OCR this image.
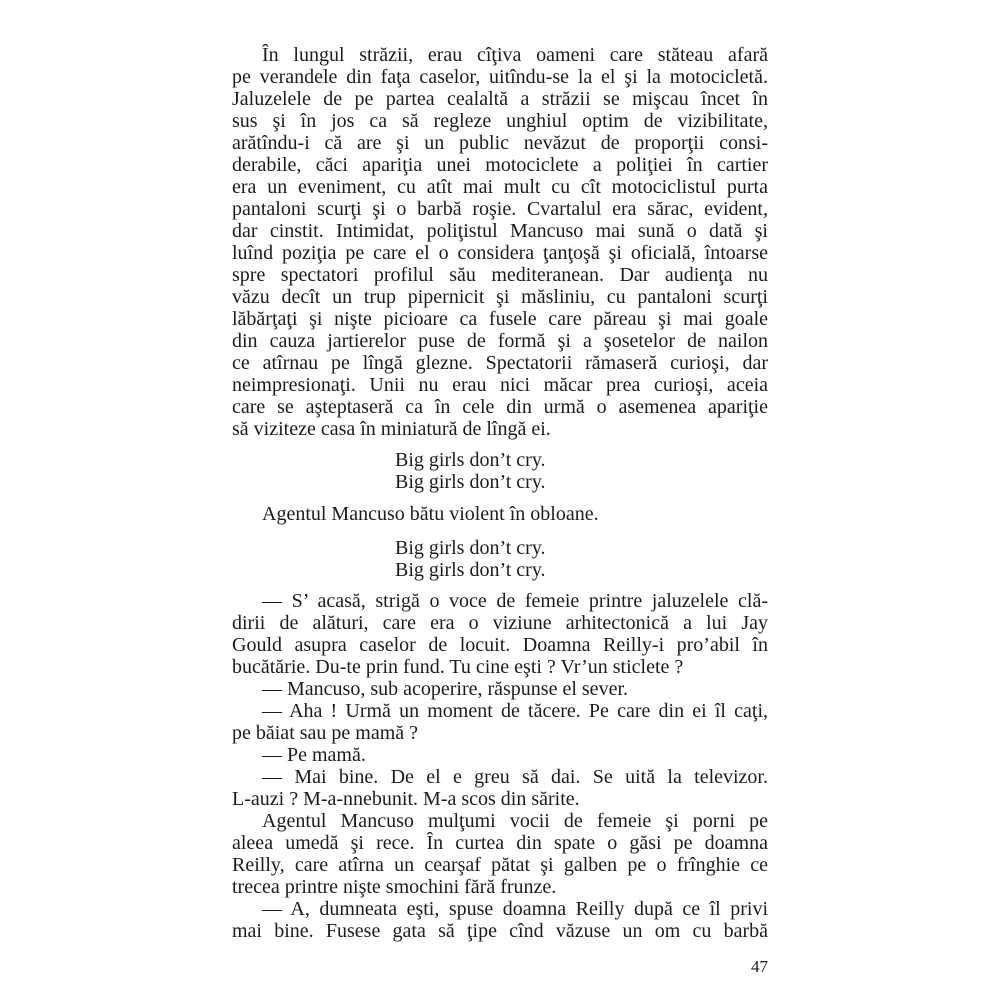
În lungul străzii, erau cîţiva oameni care stăteau afară
pe verandele din faţa caselor, uitîndu-se la el şi la motocicletă.
Jaluzelele de pe partea cealaltă a străzii se mişcau încet în
sus şi în jos ca să regleze unghiul optim de vizibilitate,
arătîndu-i că are şi un public nevăzut de proporţii consi-
derabile, căci apariţia unei motociclete a poliţiei în cartier
era un eveniment, cu atît mai mult cu cît motociclistul purta
pantaloni scurţi şi o barbă roşie. Cvartalul era sărac, evident,
dar cinstit. Intimidat, poliţistul Mancuso mai sună o dată şi
luînd poziţia pe care el o considera ţanţoşă şi oficială, întoarse
spre spectatori profilul său mediteranean. Dar audienţa nu
văzu decît un trup pipernicit şi măsliniu, cu pantaloni scurţi
lăbărţaţi şi nişte picioare ca fusele care păreau şi mai goale
din cauza jartierelor puse de formă şi a şosetelor de nailon
ce atîrnau pe lîngă glezne. Spectatorii rămaseră curioşi, dar
neimpresionaţi. Unii nu erau nici măcar prea curioşi, aceia
care se aşteptaseră ca în cele din urmă o asemenea apariţie
să viziteze casa în miniatură de lîngă ei.
Big girls don’t cry.
Big girls don’t cry.
Agentul Mancuso bătu violent în obloane.
Big girls don’t cry.
Big girls don’t cry.
— S’ acasă, strigă o voce de femeie printre jaluzelele clă-
dirii de alături, care era o viziune arhitectonică a lui Jay
Gould asupra caselor de locuit. Doamna Reilly-i pro’abil în
bucătărie. Du-te prin fund. Tu cine eşti ? Vr’un sticlete ?
— Mancuso, sub acoperire, răspunse el sever.
— Aha ! Urmă un moment de tăcere. Pe care din ei îl caţi,
pe băiat sau pe mamă ?
— Pe mamă.
— Mai bine. De el e greu să dai. Se uită la televizor.
L-auzi ? M-a-nnebunit. M-a scos din sărite.
Agentul Mancuso mulţumi vocii de femeie şi porni pe
aleea umedă şi rece. În curtea din spate o găsi pe doamna
Reilly, care atîrna un cearşaf pătat şi galben pe o frînghie ce
trecea printre nişte smochini fără frunze.
— A, dumneata eşti, spuse doamna Reilly după ce îl privi
mai bine. Fusese gata să ţipe cînd văzuse un om cu barbă
47
